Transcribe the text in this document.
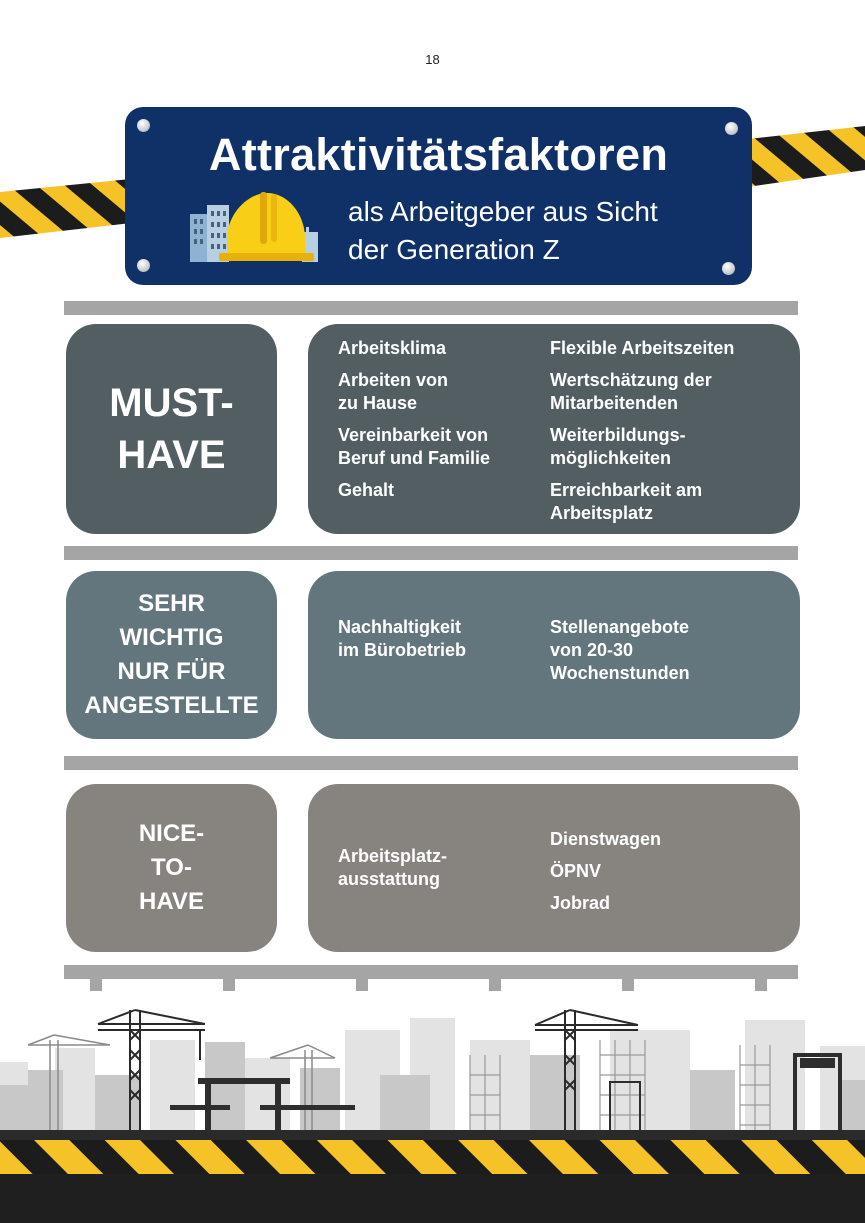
18
Attraktivitätsfaktoren
als Arbeitgeber aus Sicht
der Generation Z
MUST-
HAVE
Arbeitsklima
Arbeiten von
zu Hause
Vereinbarkeit von
Beruf und Familie
Gehalt
Flexible Arbeitszeiten
Wertschätzung der
Mitarbeitenden
Weiterbildungs-
möglichkeiten
Erreichbarkeit am
Arbeitsplatz
SEHR
WICHTIG
NUR FÜR
ANGESTELLTE
Nachhaltigkeit
im Bürobetrieb
Stellenangebote
von 20-30
Wochenstunden
NICE-
TO-
HAVE
Arbeitsplatz-
ausstattung
Dienstwagen
ÖPNV
Jobrad
